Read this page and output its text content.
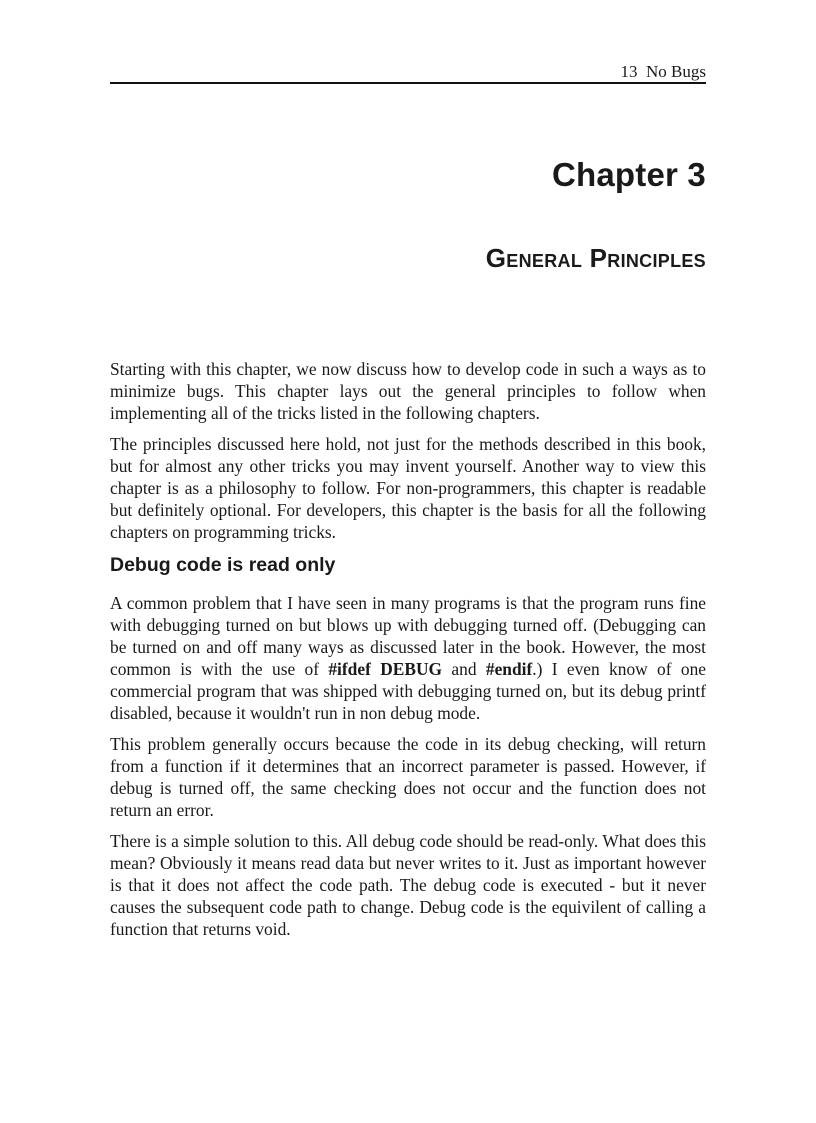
13 No Bugs
Chapter 3
General Principles

Starting with this chapter, we now discuss how to develop code in such a ways as to minimize bugs. This chapter lays out the general principles to follow when implementing all of the tricks listed in the following chapters.

The principles discussed here hold, not just for the methods described in this book, but for almost any other tricks you may invent yourself. Another way to view this chapter is as a philosophy to follow. For non-programmers, this chapter is readable but definitely optional. For developers, this chapter is the basis for all the following chapters on programming tricks.

Debug code is read only

A common problem that I have seen in many programs is that the program runs fine with debugging turned on but blows up with debugging turned off. (Debugging can be turned on and off many ways as discussed later in the book. However, the most common is with the use of #ifdef DEBUG and #endif.) I even know of one commercial program that was shipped with debugging turned on, but its debug printf disabled, because it wouldn't run in non debug mode.

This problem generally occurs because the code in its debug checking, will return from a function if it determines that an incorrect parameter is passed. However, if debug is turned off, the same checking does not occur and the function does not return an error.

There is a simple solution to this. All debug code should be read-only. What does this mean? Obviously it means read data but never writes to it. Just as important however is that it does not affect the code path. The debug code is executed - but it never causes the subsequent code path to change. Debug code is the equivilent of calling a function that returns void.
